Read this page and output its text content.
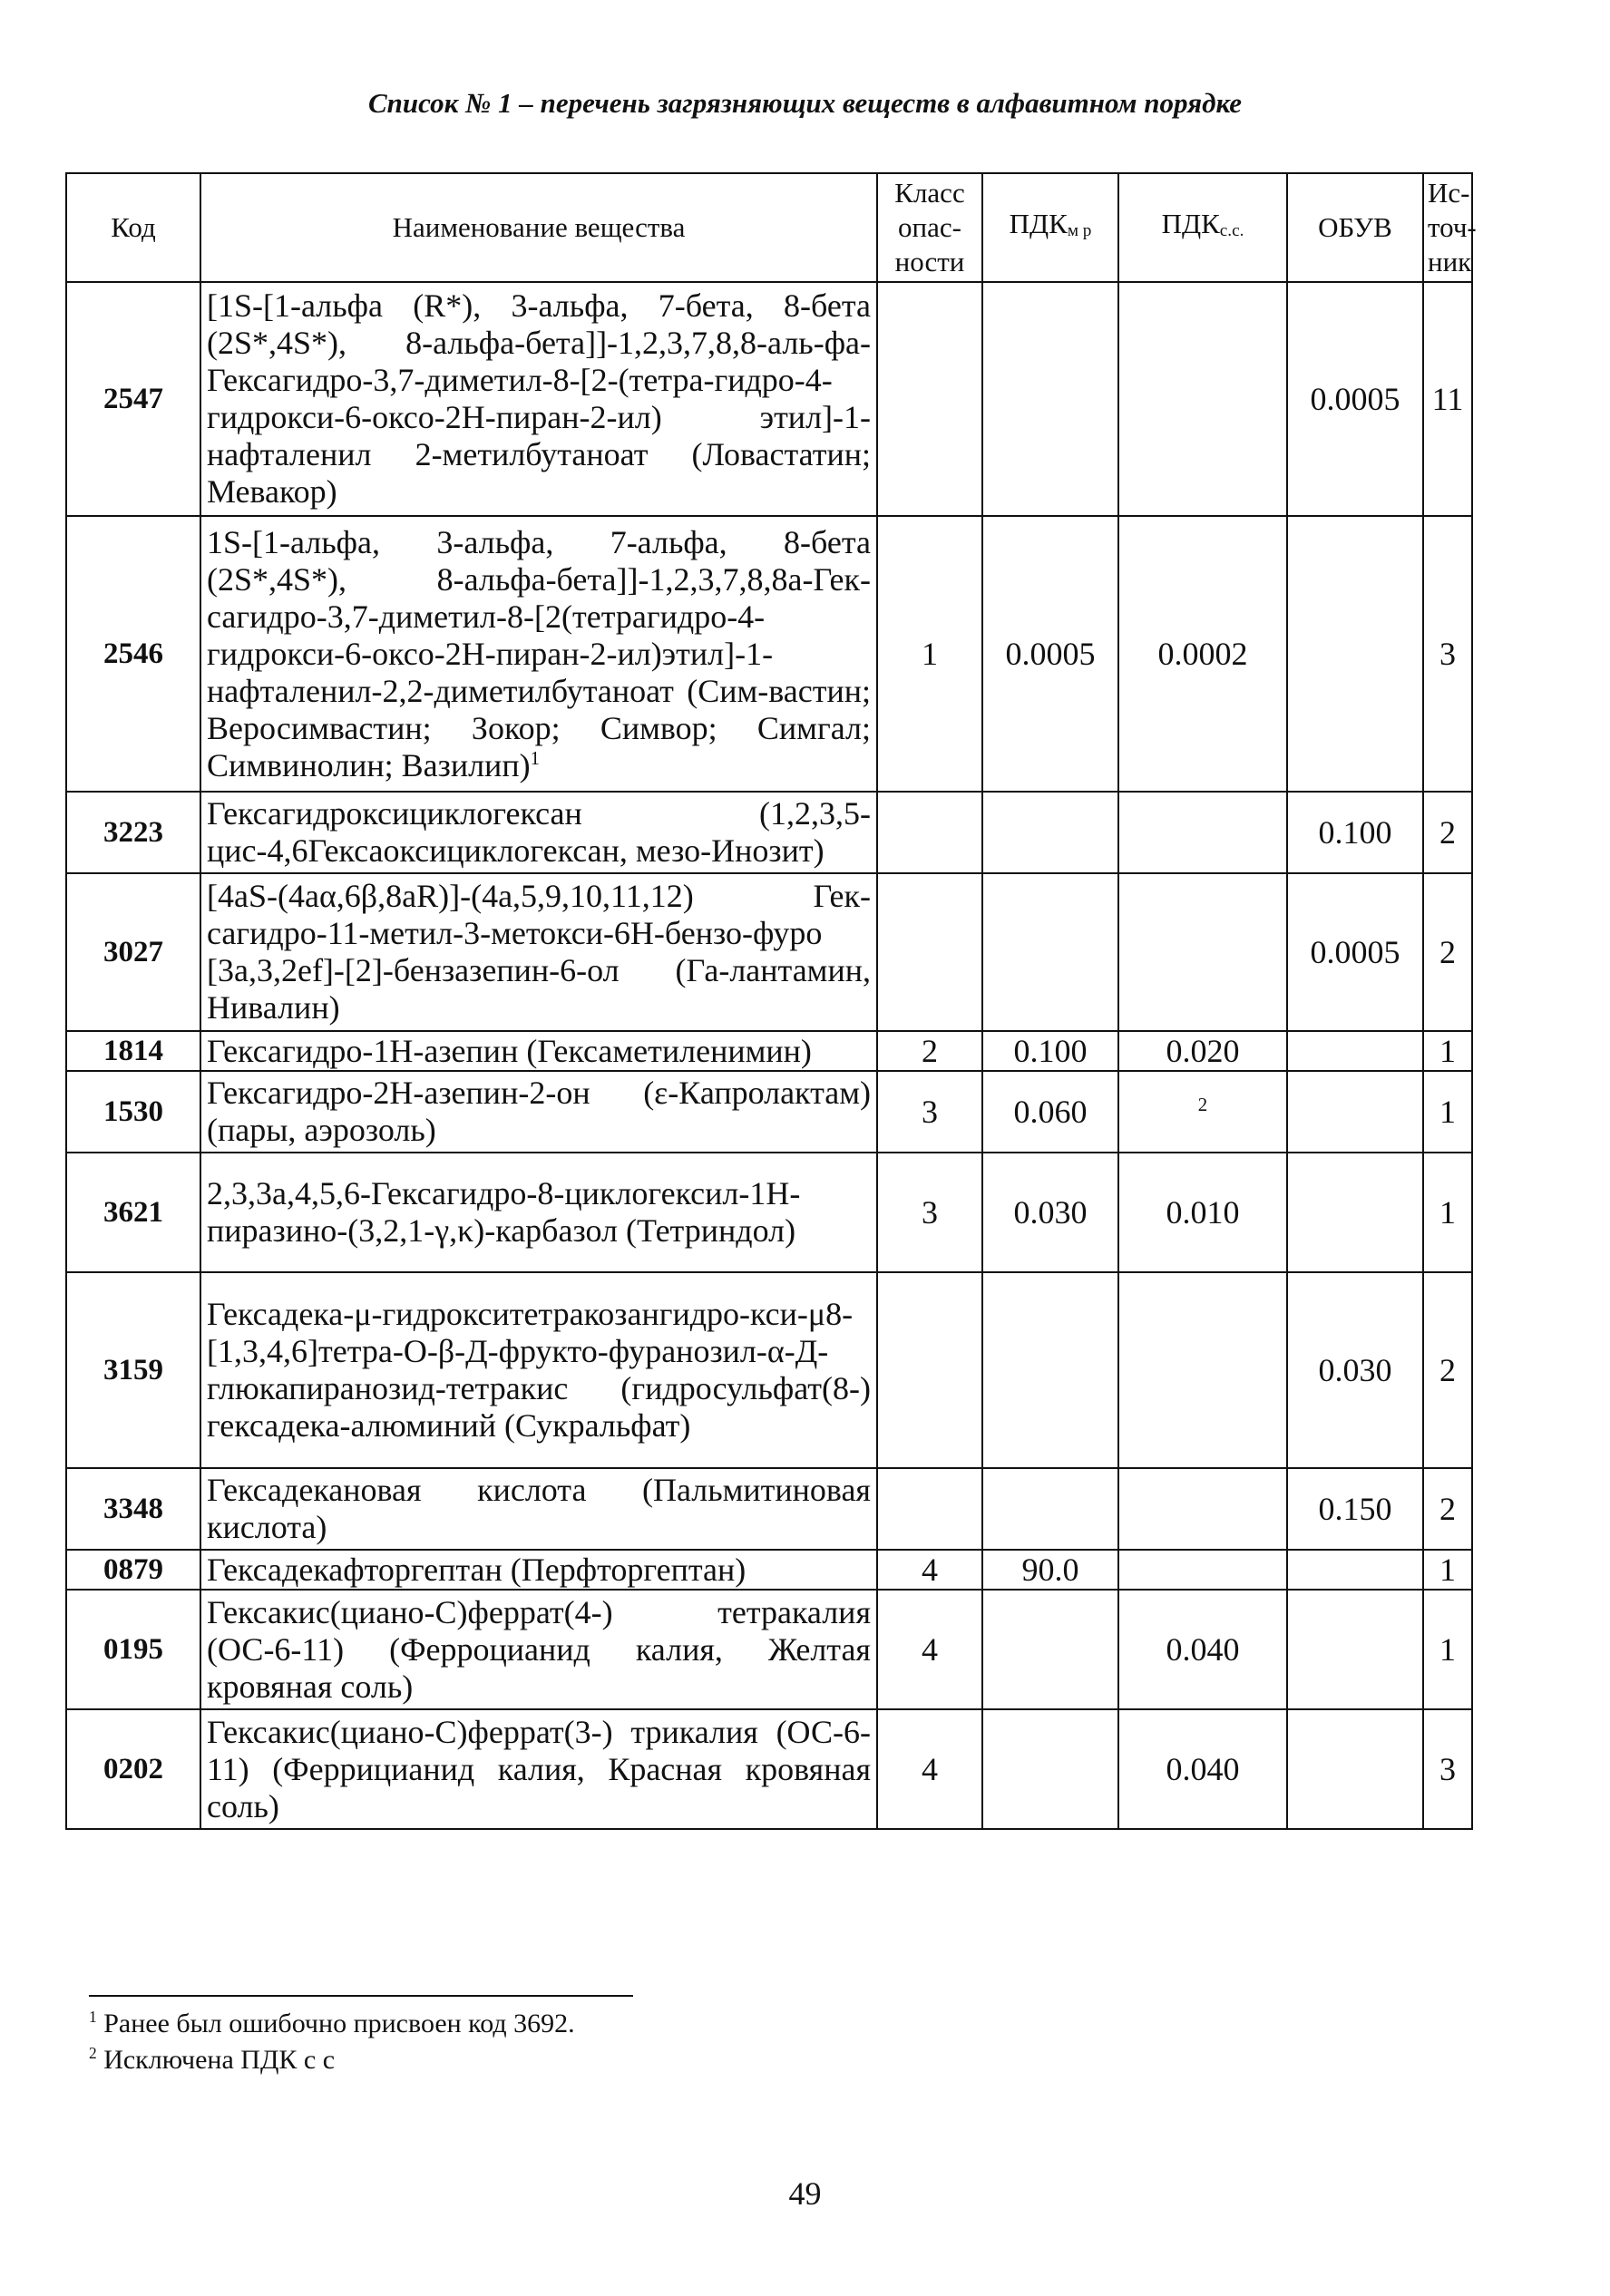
Список № 1 – перечень загрязняющих веществ в алфавитном порядке
Код	Наименование вещества	Класс опас-ности	ПДКм р	ПДКс.с.	ОБУВ	Ис-точ-ник
2547	[1S-[1-альфа (R*), 3-альфа, 7-бета, 8-бета (2S*,4S*), 8-альфа-бета]]-1,2,3,7,8,8-аль-фа-Гексагидро-3,7-диметил-8-[2-(тетра-гидро-4-гидрокси-6-оксо-2Н-пиран-2-ил) этил]-1-нафталенил 2-метилбутаноат (Ловастатин; Мевакор)				0.0005	11
2546	1S-[1-альфа, 3-альфа, 7-альфа, 8-бета (2S*,4S*), 8-альфа-бета]]-1,2,3,7,8,8а-Гек-сагидро-3,7-диметил-8-[2(тетрагидро-4-гидрокси-6-оксо-2Н-пиран-2-ил)этил]-1-нафталенил-2,2-диметилбутаноат (Сим-вастин; Веросимвастин; Зокор; Симвор; Симгал; Симвинолин; Вазилип)$^1$	1	0.0005	0.0002		3
3223	Гексагидроксициклогексан (1,2,3,5-цис-4,6Гексаоксициклогексан, мезо-Инозит)				0.100	2
3027	[4aS-(4aα,6β,8aR)]-(4a,5,9,10,11,12) Гек-сагидро-11-метил-3-метокси-6Н-бензо-фуро [3a,3,2ef]-[2]-бензазепин-6-ол (Га-лантамин, Нивалин)				0.0005	2
1814	Гексагидро-1Н-азепин (Гексаметиленимин)	2	0.100	0.020		1
1530	Гексагидро-2Н-азепин-2-он (ε-Капролактам) (пары, аэрозоль)	3	0.060	$^2$		1
3621	2,3,3a,4,5,6-Гексагидро-8-циклогексил-1Н-пиразино-(3,2,1-γ,κ)-карбазол (Тетриндол)	3	0.030	0.010		1
3159	Гексадека-μ-гидрокситетракозангидро-кси-μ8-[1,3,4,6]тетра-О-β-Д-фрукто-фуранозил-α-Д-глюкапиранозид-тетракис (гидросульфат(8-) гексадека-алюминий (Сукральфат)				0.030	2
3348	Гексадекановая кислота (Пальмитиновая кислота)				0.150	2
0879	Гексадекафторгептан (Перфторгептан)	4	90.0			1
0195	Гексакис(циано-С)феррат(4-) тетракалия (ОС-6-11) (Ферроцианид калия, Желтая кровяная соль)	4		0.040		1
0202	Гексакис(циано-С)феррат(3-) трикалия (ОС-6-11) (Феррицианид калия, Красная кровяная соль)	4		0.040		3
$^1$ Ранее был ошибочно присвоен код 3692.
$^2$ Исключена ПДК с с
49
